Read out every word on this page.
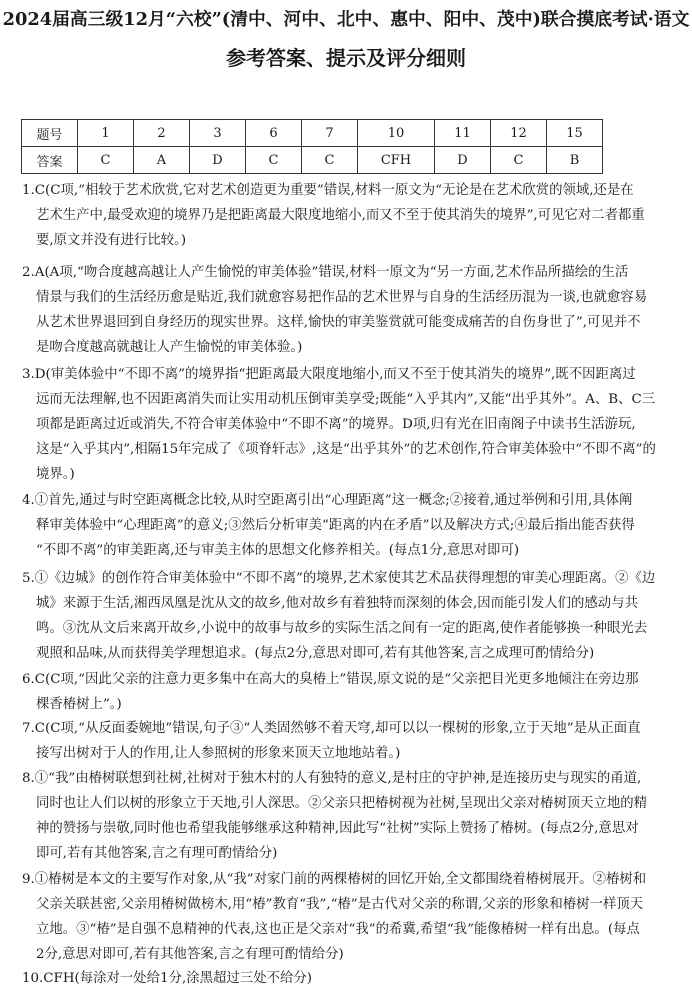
2024届高三级12月“六校”(清中、河中、北中、惠中、阳中、茂中)联合摸底考试·语文
参考答案、提示及评分细则
题号	1	2	3	6	7	10	11	12	15
答案	C	A	D	C	C	CFH	D	C	B
1.C(C项,“相较于艺术欣赏,它对艺术创造更为重要”错误,材料一原文为“无论是在艺术欣赏的领域,还是在
艺术生产中,最受欢迎的境界乃是把距离最大限度地缩小,而又不至于使其消失的境界”,可见它对二者都重
要,原文并没有进行比较。)
2.A(A项,“吻合度越高越让人产生愉悦的审美体验”错误,材料一原文为“另一方面,艺术作品所描绘的生活
情景与我们的生活经历愈是贴近,我们就愈容易把作品的艺术世界与自身的生活经历混为一谈,也就愈容易
从艺术世界退回到自身经历的现实世界。这样,愉快的审美鉴赏就可能变成痛苦的自伤身世了”,可见并不
是吻合度越高就越让人产生愉悦的审美体验。)
3.D(审美体验中“不即不离”的境界指“把距离最大限度地缩小,而又不至于使其消失的境界”,既不因距离过
远而无法理解,也不因距离消失而让实用动机压倒审美享受;既能“入乎其内”,又能“出乎其外”。A、B、C三
项都是距离过近或消失,不符合审美体验中“不即不离”的境界。D项,归有光在旧南阁子中读书生活游玩,
这是“入乎其内”,相隔15年完成了《项脊轩志》,这是“出乎其外”的艺术创作,符合审美体验中“不即不离”的
境界。)
4.①首先,通过与时空距离概念比较,从时空距离引出“心理距离”这一概念;②接着,通过举例和引用,具体阐
释审美体验中“心理距离”的意义;③然后分析审美“距离的内在矛盾”以及解决方式;④最后指出能否获得
“不即不离”的审美距离,还与审美主体的思想文化修养相关。(每点1分,意思对即可)
5.①《边城》的创作符合审美体验中“不即不离”的境界,艺术家使其艺术品获得理想的审美心理距离。②《边
城》来源于生活,湘西凤凰是沈从文的故乡,他对故乡有着独特而深刻的体会,因而能引发人们的感动与共
鸣。③沈从文后来离开故乡,小说中的故事与故乡的实际生活之间有一定的距离,使作者能够换一种眼光去
观照和品味,从而获得美学理想追求。(每点2分,意思对即可,若有其他答案,言之成理可酌情给分)
6.C(C项,“因此父亲的注意力更多集中在高大的臭椿上”错误,原文说的是“父亲把目光更多地倾注在旁边那
棵香椿树上”。)
7.C(C项,“从反面委婉地”错误,句子③“人类固然够不着天穹,却可以以一棵树的形象,立于天地”是从正面直
接写出树对于人的作用,让人参照树的形象来顶天立地地站着。)
8.①“我”由椿树联想到社树,社树对于独木村的人有独特的意义,是村庄的守护神,是连接历史与现实的甬道,
同时也让人们以树的形象立于天地,引人深思。②父亲只把椿树视为社树,呈现出父亲对椿树顶天立地的精
神的赞扬与崇敬,同时他也希望我能够继承这种精神,因此写“社树”实际上赞扬了椿树。(每点2分,意思对
即可,若有其他答案,言之有理可酌情给分)
9.①椿树是本文的主要写作对象,从“我”对家门前的两棵椿树的回忆开始,全文都围绕着椿树展开。②椿树和
父亲关联甚密,父亲用椿树做榜木,用“椿”教育“我”,“椿”是古代对父亲的称谓,父亲的形象和椿树一样顶天
立地。③“椿”是自强不息精神的代表,这也正是父亲对“我”的希冀,希望“我”能像椿树一样有出息。(每点
2分,意思对即可,若有其他答案,言之有理可酌情给分)
10.CFH(每涂对一处给1分,涂黑超过三处不给分)
